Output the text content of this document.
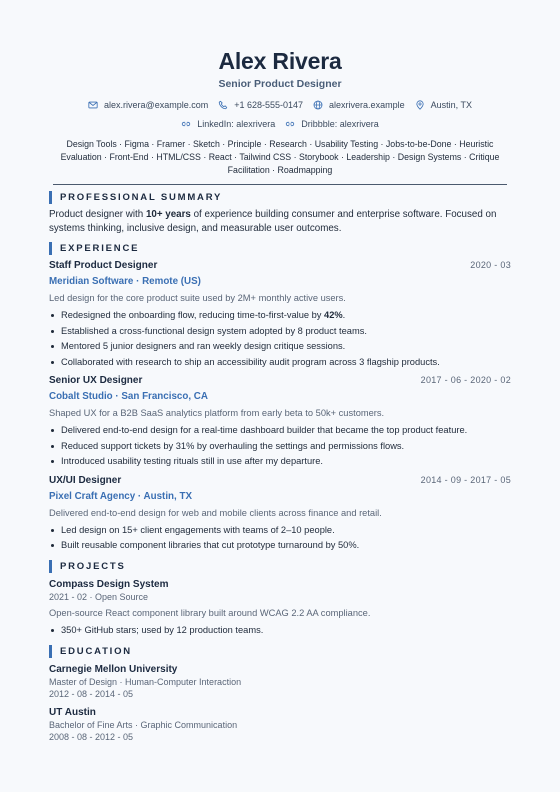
Alex Rivera
Senior Product Designer
alex.rivera@example.com	+1 628-555-0147	alexrivera.example	Austin, TX
LinkedIn: alexrivera	Dribbble: alexrivera
Design Tools · Figma · Framer · Sketch · Principle · Research · Usability Testing · Jobs-to-be-Done · Heuristic Evaluation · Front-End · HTML/CSS · React · Tailwind CSS · Storybook · Leadership · Design Systems · Critique Facilitation · Roadmapping
PROFESSIONAL SUMMARY
Product designer with 10+ years of experience building consumer and enterprise software. Focused on systems thinking, inclusive design, and measurable user outcomes.
EXPERIENCE
Staff Product Designer	2020 - 03
Meridian Software · Remote (US)
Led design for the core product suite used by 2M+ monthly active users.
Redesigned the onboarding flow, reducing time-to-first-value by 42%.
Established a cross-functional design system adopted by 8 product teams.
Mentored 5 junior designers and ran weekly design critique sessions.
Collaborated with research to ship an accessibility audit program across 3 flagship products.
Senior UX Designer	2017 - 06 - 2020 - 02
Cobalt Studio · San Francisco, CA
Shaped UX for a B2B SaaS analytics platform from early beta to 50k+ customers.
Delivered end-to-end design for a real-time dashboard builder that became the top product feature.
Reduced support tickets by 31% by overhauling the settings and permissions flows.
Introduced usability testing rituals still in use after my departure.
UX/UI Designer	2014 - 09 - 2017 - 05
Pixel Craft Agency · Austin, TX
Delivered end-to-end design for web and mobile clients across finance and retail.
Led design on 15+ client engagements with teams of 2–10 people.
Built reusable component libraries that cut prototype turnaround by 50%.
PROJECTS
Compass Design System
2021 - 02 · Open Source
Open-source React component library built around WCAG 2.2 AA compliance.
350+ GitHub stars; used by 12 production teams.
EDUCATION
Carnegie Mellon University
Master of Design · Human-Computer Interaction
2012 - 08 - 2014 - 05
UT Austin
Bachelor of Fine Arts · Graphic Communication
2008 - 08 - 2012 - 05
